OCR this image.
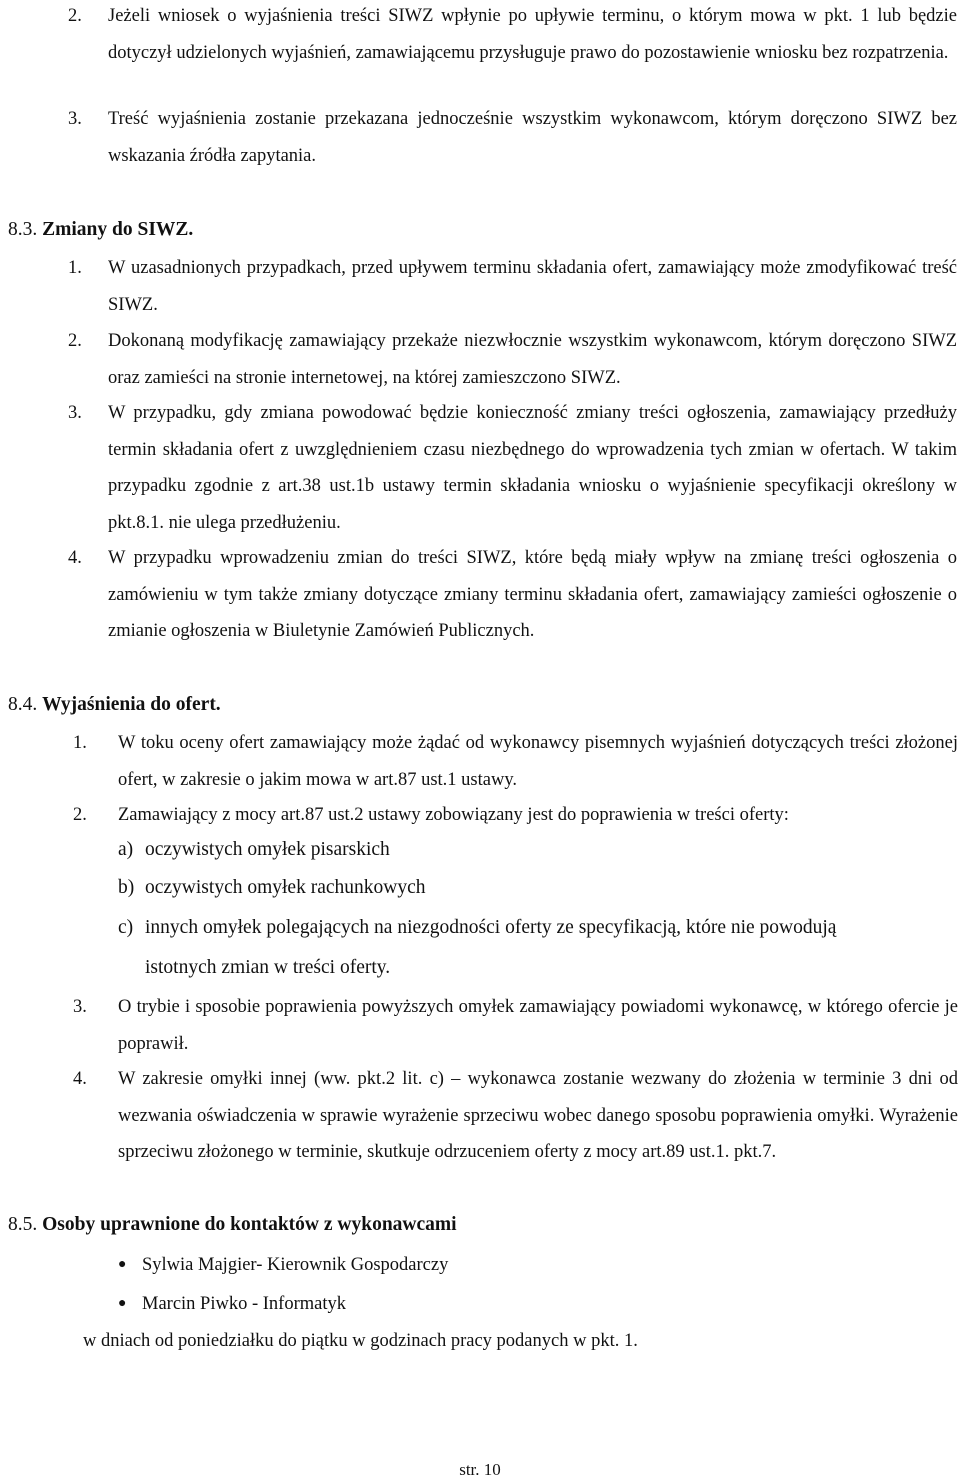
2. Jeżeli wniosek o wyjaśnienia treści SIWZ wpłynie po upływie terminu, o którym mowa w pkt. 1 lub będzie dotyczył udzielonych wyjaśnień, zamawiającemu przysługuje prawo do pozostawienie wniosku bez rozpatrzenia.
3. Treść wyjaśnienia zostanie przekazana jednocześnie wszystkim wykonawcom, którym doręczono SIWZ bez wskazania źródła zapytania.
8.3. Zmiany do SIWZ.
1. W uzasadnionych przypadkach, przed upływem terminu składania ofert, zamawiający może zmodyfikować treść SIWZ.
2. Dokonaną modyfikację zamawiający przekaże niezwłocznie wszystkim wykonawcom, którym doręczono SIWZ oraz zamieści na stronie internetowej, na której zamieszczono SIWZ.
3. W przypadku, gdy zmiana powodować będzie konieczność zmiany treści ogłoszenia, zamawiający przedłuży termin składania ofert z uwzględnieniem czasu niezbędnego do wprowadzenia tych zmian w ofertach. W takim przypadku zgodnie z art.38 ust.1b ustawy termin składania wniosku o wyjaśnienie specyfikacji określony w pkt.8.1. nie ulega przedłużeniu.
4. W przypadku wprowadzeniu zmian do treści SIWZ, które będą miały wpływ na zmianę treści ogłoszenia o zamówieniu w tym także zmiany dotyczące zmiany terminu składania ofert, zamawiający zamieści ogłoszenie o zmianie ogłoszenia w Biuletynie Zamówień Publicznych.
8.4. Wyjaśnienia do ofert.
1. W toku oceny ofert zamawiający może żądać od wykonawcy pisemnych wyjaśnień dotyczących treści złożonej ofert, w zakresie o jakim mowa w art.87 ust.1 ustawy.
2. Zamawiający z mocy art.87 ust.2 ustawy zobowiązany jest do poprawienia w treści oferty:
a) oczywistych omyłek pisarskich
b) oczywistych omyłek rachunkowych
c) innych omyłek polegających na niezgodności oferty ze specyfikacją, które nie powodują istotnych zmian w treści oferty.
3. O trybie i sposobie poprawienia powyższych omyłek zamawiający powiadomi wykonawcę, w którego ofercie je poprawił.
4. W zakresie omyłki innej (ww. pkt.2 lit. c) – wykonawca zostanie wezwany do złożenia w terminie 3 dni od wezwania oświadczenia w sprawie wyrażenie sprzeciwu wobec danego sposobu poprawienia omyłki. Wyrażenie sprzeciwu złożonego w terminie, skutkuje odrzuceniem oferty z mocy art.89 ust.1. pkt.7.
8.5. Osoby uprawnione do kontaktów z wykonawcami
● Sylwia Majgier- Kierownik Gospodarczy
● Marcin Piwko - Informatyk
w dniach od poniedziałku do piątku w godzinach pracy podanych w pkt. 1.
str. 10
